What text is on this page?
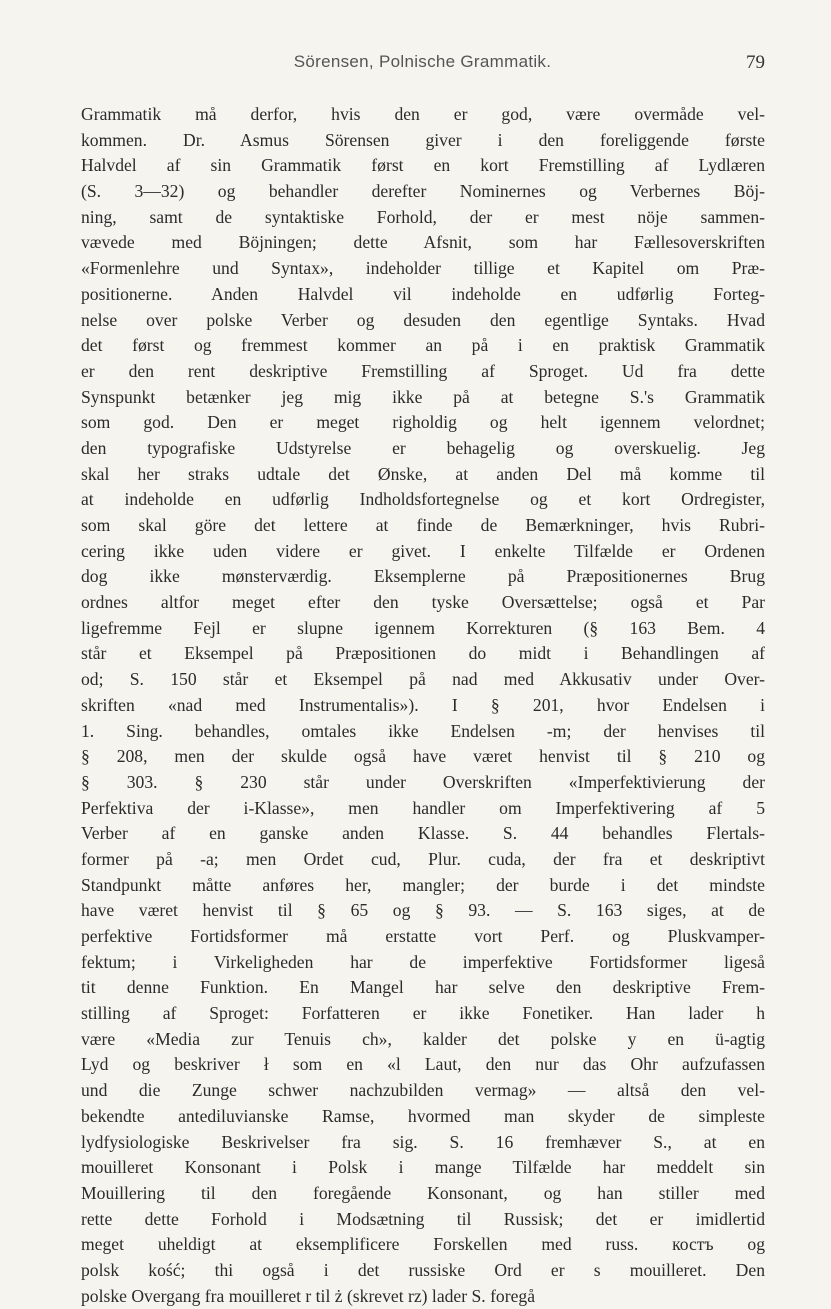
Sörensen, Polnische Grammatik.	79
Grammatik må derfor, hvis den er god, være overmåde vel-
kommen. Dr. Asmus Sörensen giver i den foreliggende første
Halvdel af sin Grammatik først en kort Fremstilling af Lydlæren
(S. 3—32) og behandler derefter Nominernes og Verbernes Böj-
ning, samt de syntaktiske Forhold, der er mest nöje sammen-
vævede med Böjningen; dette Afsnit, som har Fællesoverskriften
«Formenlehre und Syntax», indeholder tillige et Kapitel om Præ-
positionerne. Anden Halvdel vil indeholde en udførlig Forteg-
nelse over polske Verber og desuden den egentlige Syntaks. Hvad
det først og fremmest kommer an på i en praktisk Grammatik
er den rent deskriptive Fremstilling af Sproget. Ud fra dette
Synspunkt betænker jeg mig ikke på at betegne S.'s Grammatik
som god. Den er meget righoldig og helt igennem velordnet;
den typografiske Udstyrelse er behagelig og overskuelig. Jeg
skal her straks udtale det Ønske, at anden Del må komme til
at indeholde en udførlig Indholdsfortegnelse og et kort Ordregister,
som skal göre det lettere at finde de Bemærkninger, hvis Rubri-
cering ikke uden videre er givet. I enkelte Tilfælde er Ordenen
dog ikke mønsterværdig. Eksemplerne på Præpositionernes Brug
ordnes altfor meget efter den tyske Oversættelse; også et Par
ligefremme Fejl er slupne igennem Korrekturen (§ 163 Bem. 4
står et Eksempel på Præpositionen do midt i Behandlingen af
od; S. 150 står et Eksempel på nad med Akkusativ under Over-
skriften «nad med Instrumentalis»). I § 201, hvor Endelsen i
1. Sing. behandles, omtales ikke Endelsen -m; der henvises til
§ 208, men der skulde også have været henvist til § 210 og
§ 303. § 230 står under Overskriften «Imperfektivierung der
Perfektiva der i-Klasse», men handler om Imperfektivering af 5
Verber af en ganske anden Klasse. S. 44 behandles Flertals-
former på -a; men Ordet cud, Plur. cuda, der fra et deskriptivt
Standpunkt måtte anføres her, mangler; der burde i det mindste
have været henvist til § 65 og § 93. — S. 163 siges, at de
perfektive Fortidsformer må erstatte vort Perf. og Pluskvamper-
fektum; i Virkeligheden har de imperfektive Fortidsformer ligeså
tit denne Funktion. En Mangel har selve den deskriptive Frem-
stilling af Sproget: Forfatteren er ikke Fonetiker. Han lader h
være «Media zur Tenuis ch», kalder det polske y en ü-agtig
Lyd og beskriver ł som en «l Laut, den nur das Ohr aufzufassen
und die Zunge schwer nachzubilden vermag» — altså den vel-
bekendte antediluvianske Ramse, hvormed man skyder de simpleste
lydfysiologiske Beskrivelser fra sig. S. 16 fremhæver S., at en
mouilleret Konsonant i Polsk i mange Tilfælde har meddelt sin
Mouillering til den foregående Konsonant, og han stiller med
rette dette Forhold i Modsætning til Russisk; det er imidlertid
meget uheldigt at eksemplificere Forskellen med russ. костъ og
polsk kość; thi også i det russiske Ord er s mouilleret. Den
polske Overgang fra mouilleret r til ż (skrevet rz) lader S. foregå
